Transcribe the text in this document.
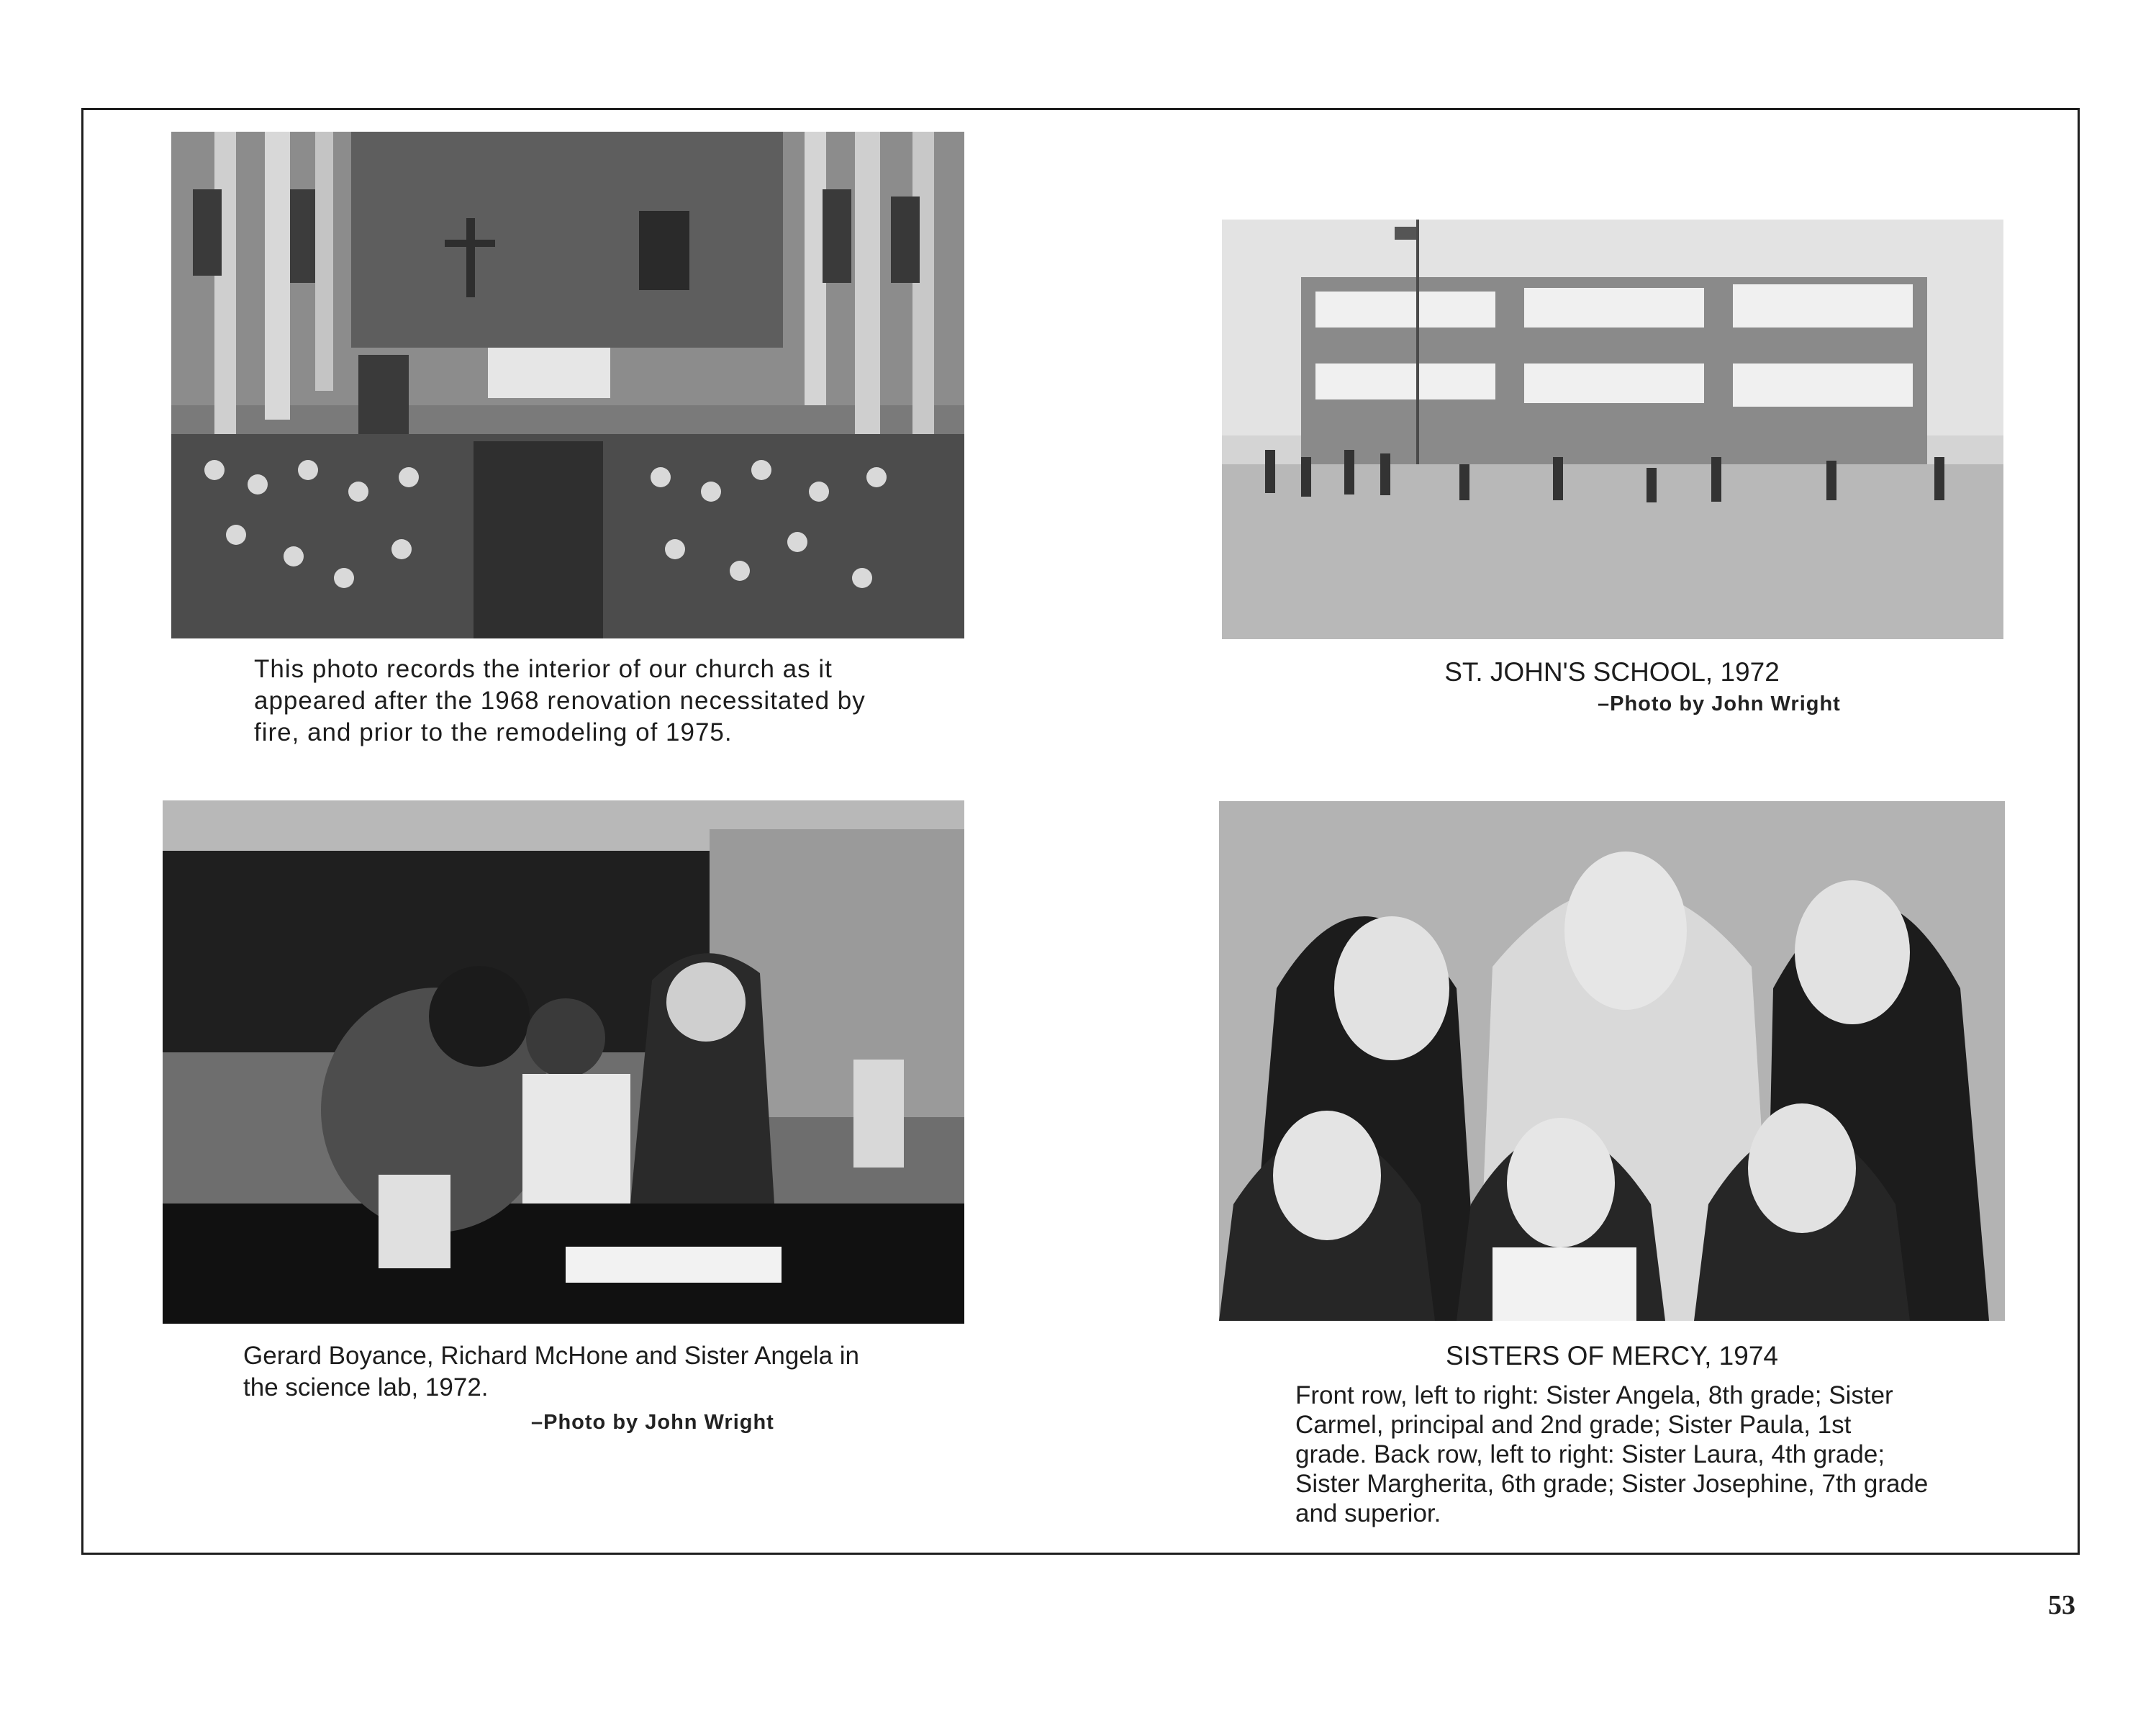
This photo records the interior of our church as it appeared after the 1968 renovation necessitated by fire, and prior to the remodeling of 1975.

ST. JOHN'S SCHOOL, 1972

–Photo by John Wright

Gerard Boyance, Richard McHone and Sister Angela in the science lab, 1972.

–Photo by John Wright

SISTERS OF MERCY, 1974

Front row, left to right: Sister Angela, 8th grade; Sister Carmel, principal and 2nd grade; Sister Paula, 1st grade. Back row, left to right: Sister Laura, 4th grade; Sister Margherita, 6th grade; Sister Josephine, 7th grade and superior.

53
